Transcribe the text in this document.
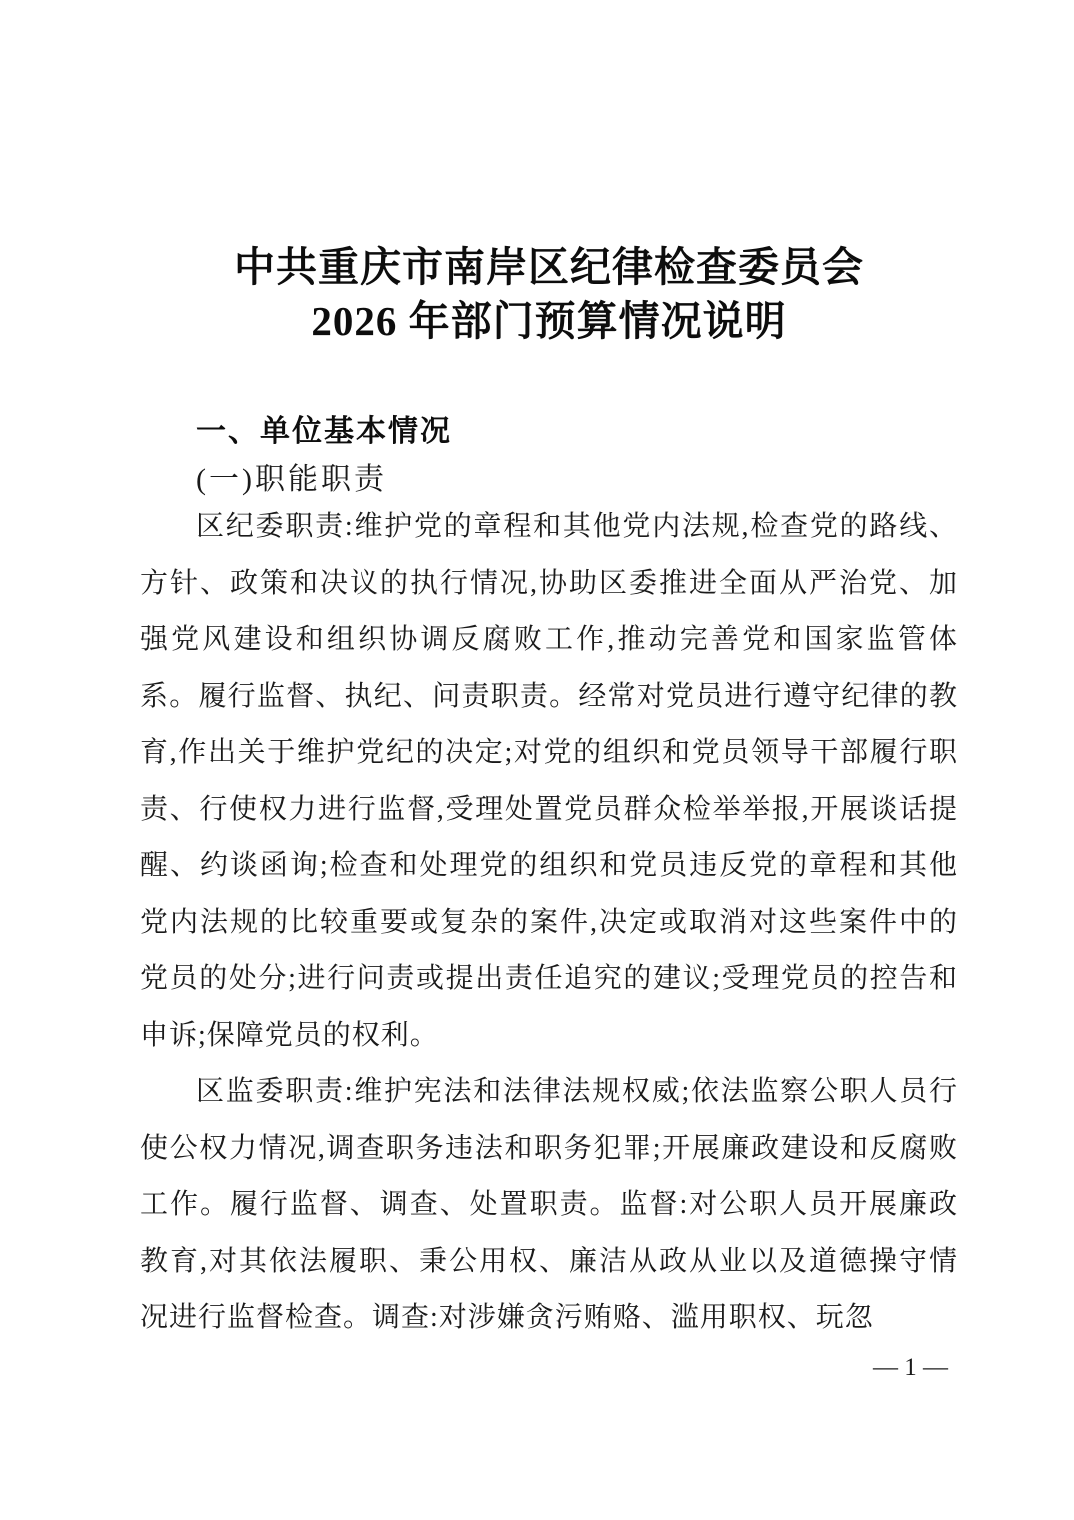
中共重庆市南岸区纪律检查委员会
2026 年部门预算情况说明
一、单位基本情况
(一)职能职责

区纪委职责:维护党的章程和其他党内法规,检查党的路线、方针、政策和决议的执行情况,协助区委推进全面从严治党、加强党风建设和组织协调反腐败工作,推动完善党和国家监管体系。履行监督、执纪、问责职责。经常对党员进行遵守纪律的教育,作出关于维护党纪的决定;对党的组织和党员领导干部履行职责、行使权力进行监督,受理处置党员群众检举举报,开展谈话提醒、约谈函询;检查和处理党的组织和党员违反党的章程和其他党内法规的比较重要或复杂的案件,决定或取消对这些案件中的党员的处分;进行问责或提出责任追究的建议;受理党员的控告和申诉;保障党员的权利。

区监委职责:维护宪法和法律法规权威;依法监察公职人员行使公权力情况,调查职务违法和职务犯罪;开展廉政建设和反腐败工作。履行监督、调查、处置职责。监督:对公职人员开展廉政教育,对其依法履职、秉公用权、廉洁从政从业以及道德操守情况进行监督检查。调查:对涉嫌贪污贿赂、滥用职权、玩忽

— 1 —
